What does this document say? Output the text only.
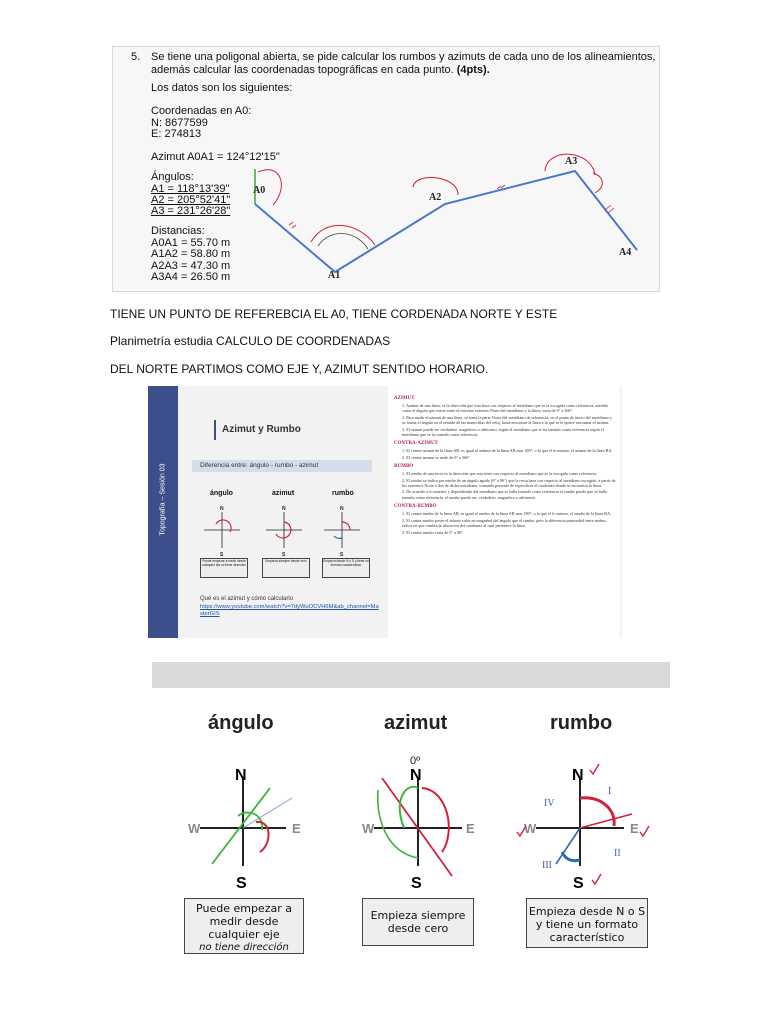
5. Se tiene una poligonal abierta, se pide calcular los rumbos y azimuts de cada uno de los alineamientos,
además calcular las coordenadas topográficas en cada punto. (4pts).
Los datos son los siguientes:
Coordenadas en A0:
N: 8677599
E: 274813
Azimut A0A1 = 124°12'15"
Ángulos:
A1 = 118°13'39"
A2 = 205°52'41"
A3 = 231°26'28"
Distancias:
A0A1 = 55.70 m
A1A2 = 58.80 m
A2A3 = 47.30 m
A3A4 = 26.50 m
A0
A1
A2
A3
A4
TIENE UN PUNTO DE REFEREBCIA EL A0, TIENE CORDENADA NORTE Y ESTE
Planimetría estudia CALCULO DE COORDENADAS
DEL NORTE PARTIMOS COMO EJE Y, AZIMUT SENTIDO HORARIO.
Topografía – Sesión 03
Azimut y Rumbo
Diferencia entre: ángulo - rumbo - azimut
ángulo	azimut	rumbo
N
S
N
S
N
S
Puede empezar a medir desde cualquier eje no tiene dirección
Empieza siempre desde cero	Empieza desde N o S y tiene un formato característico
Qué es el azimut y cómo calcularlo
https://www.youtube.com/watch?v=7dyWuOCVH6M&ab_channel=MasterGIS
AZIMUT
1. Azimut de una línea, es la dirección que esta hace con respecto al meridiano que es la escogida como referencia; medido como el ángulo que existe entre el extremo extremo Norte del meridiano y la línea; varía de 0° a 360°.
2. Para medir el azimut de una línea, se toma la parte Norte del meridiano de referencia, en el punto de inicio del meridiano y se forma el ángulo en el sentido de las manecillas del reloj, hasta encontrar la línea a la que se le quiere encontrar el azimut.
3. El azimut puede ser verdadero, magnético o arbitrario; según el meridiano que se ha tomado como referencia según el meridiano que se ha tomado como referencia.
CONTRA-AZIMUT
1. El contra-azimut de la línea AB, es igual al azimut de la línea AB mas 180°; o lo que el lo mismo, el azimut de la línea BA.
2. El contra-azimut se mide de 0° a 360°
RUMBO
1. El rumbo de una recta es la dirección que esta tiene con respecto al meridiano que es la escogido como referencia.
2. El rumbo se indica por medio de un ángulo agudo (0° a 90°) que la recta hace con respecto al meridiano escogido, a partir de los extremos Norte o Sur de dicho meridiano, tomando presente de especificar el cuadrante donde se encuentra la línea.
3. De acuerdo a lo anterior y dependiendo del meridiano que se halla tomado como referencia el rumbo puede que se halla tomado como referencia, el rumbo puede ser, verdadero, magnético o arbitrario.
CONTRA-RUMBO
1. El contra-rumbo de la línea AB, es igual al rumbo de la línea AB mas 180°; o lo que el lo mismo, el rumbo de la línea BA.
2. El contra-rumbo posee el mismo valor en magnitud del ángulo que el rumbo, pero la diferencia primordial entre ambos, radica en que cambia la ubicación del cuadrante al cual pertenece la línea.
3. El contra-rumbo varía de 0° a 90°
ángulo	azimut	rumbo
N
S
W	E
0º
N
S
W	E
N
S
W	E
I
II
III
IV
Puede empezar a
medir desde
cualquier eje
no tiene dirección
Empieza siempre
desde cero
Empieza desde N o S
y tiene un formato
característico
